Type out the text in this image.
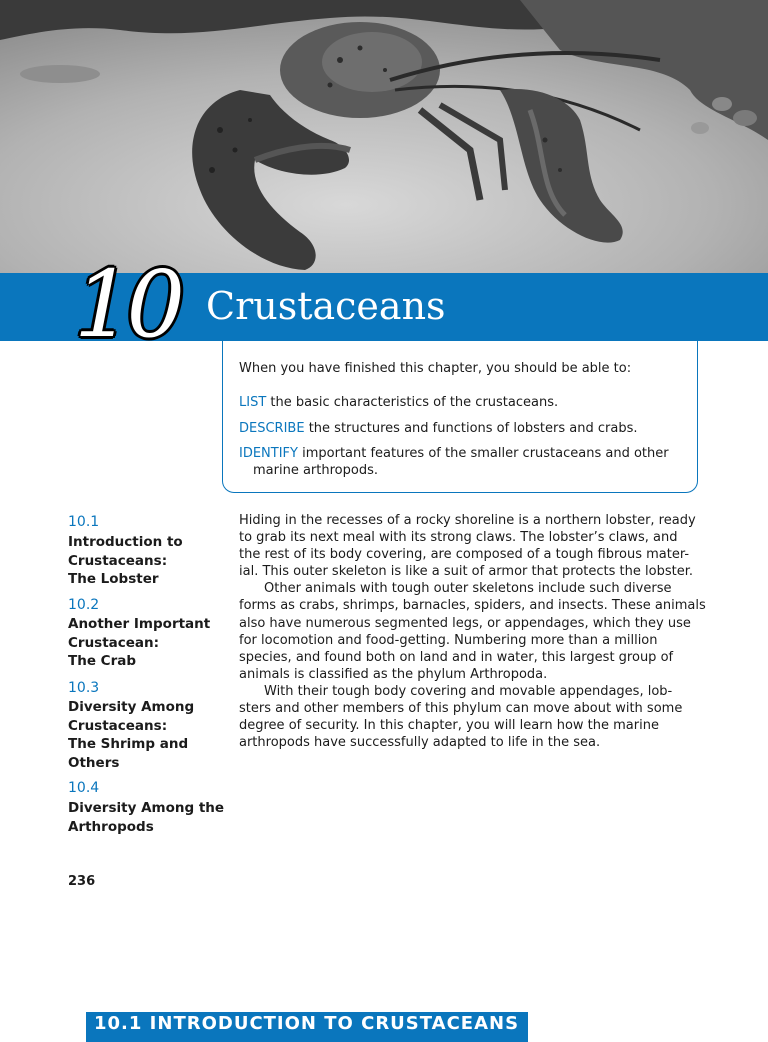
10 Crustaceans
When you have finished this chapter, you should be able to:
LIST the basic characteristics of the crustaceans.
DESCRIBE the structures and functions of lobsters and crabs.
IDENTIFY important features of the smaller crustaceans and other
marine arthropods.
10.1
Introduction to
Crustaceans:
The Lobster
10.2
Another Important
Crustacean:
The Crab
10.3
Diversity Among
Crustaceans:
The Shrimp and
Others
10.4
Diversity Among the
Arthropods
236
Hiding in the recesses of a rocky shoreline is a northern lobster, ready
to grab its next meal with its strong claws. The lobster’s claws, and
the rest of its body covering, are composed of a tough fibrous mater-
ial. This outer skeleton is like a suit of armor that protects the lobster.
Other animals with tough outer skeletons include such diverse
forms as crabs, shrimps, barnacles, spiders, and insects. These animals
also have numerous segmented legs, or appendages, which they use
for locomotion and food-getting. Numbering more than a million
species, and found both on land and in water, this largest group of
animals is classified as the phylum Arthropoda.
With their tough body covering and movable appendages, lob-
sters and other members of this phylum can move about with some
degree of security. In this chapter, you will learn how the marine
arthropods have successfully adapted to life in the sea.
10.1 INTRODUCTION TO CRUSTACEANS
